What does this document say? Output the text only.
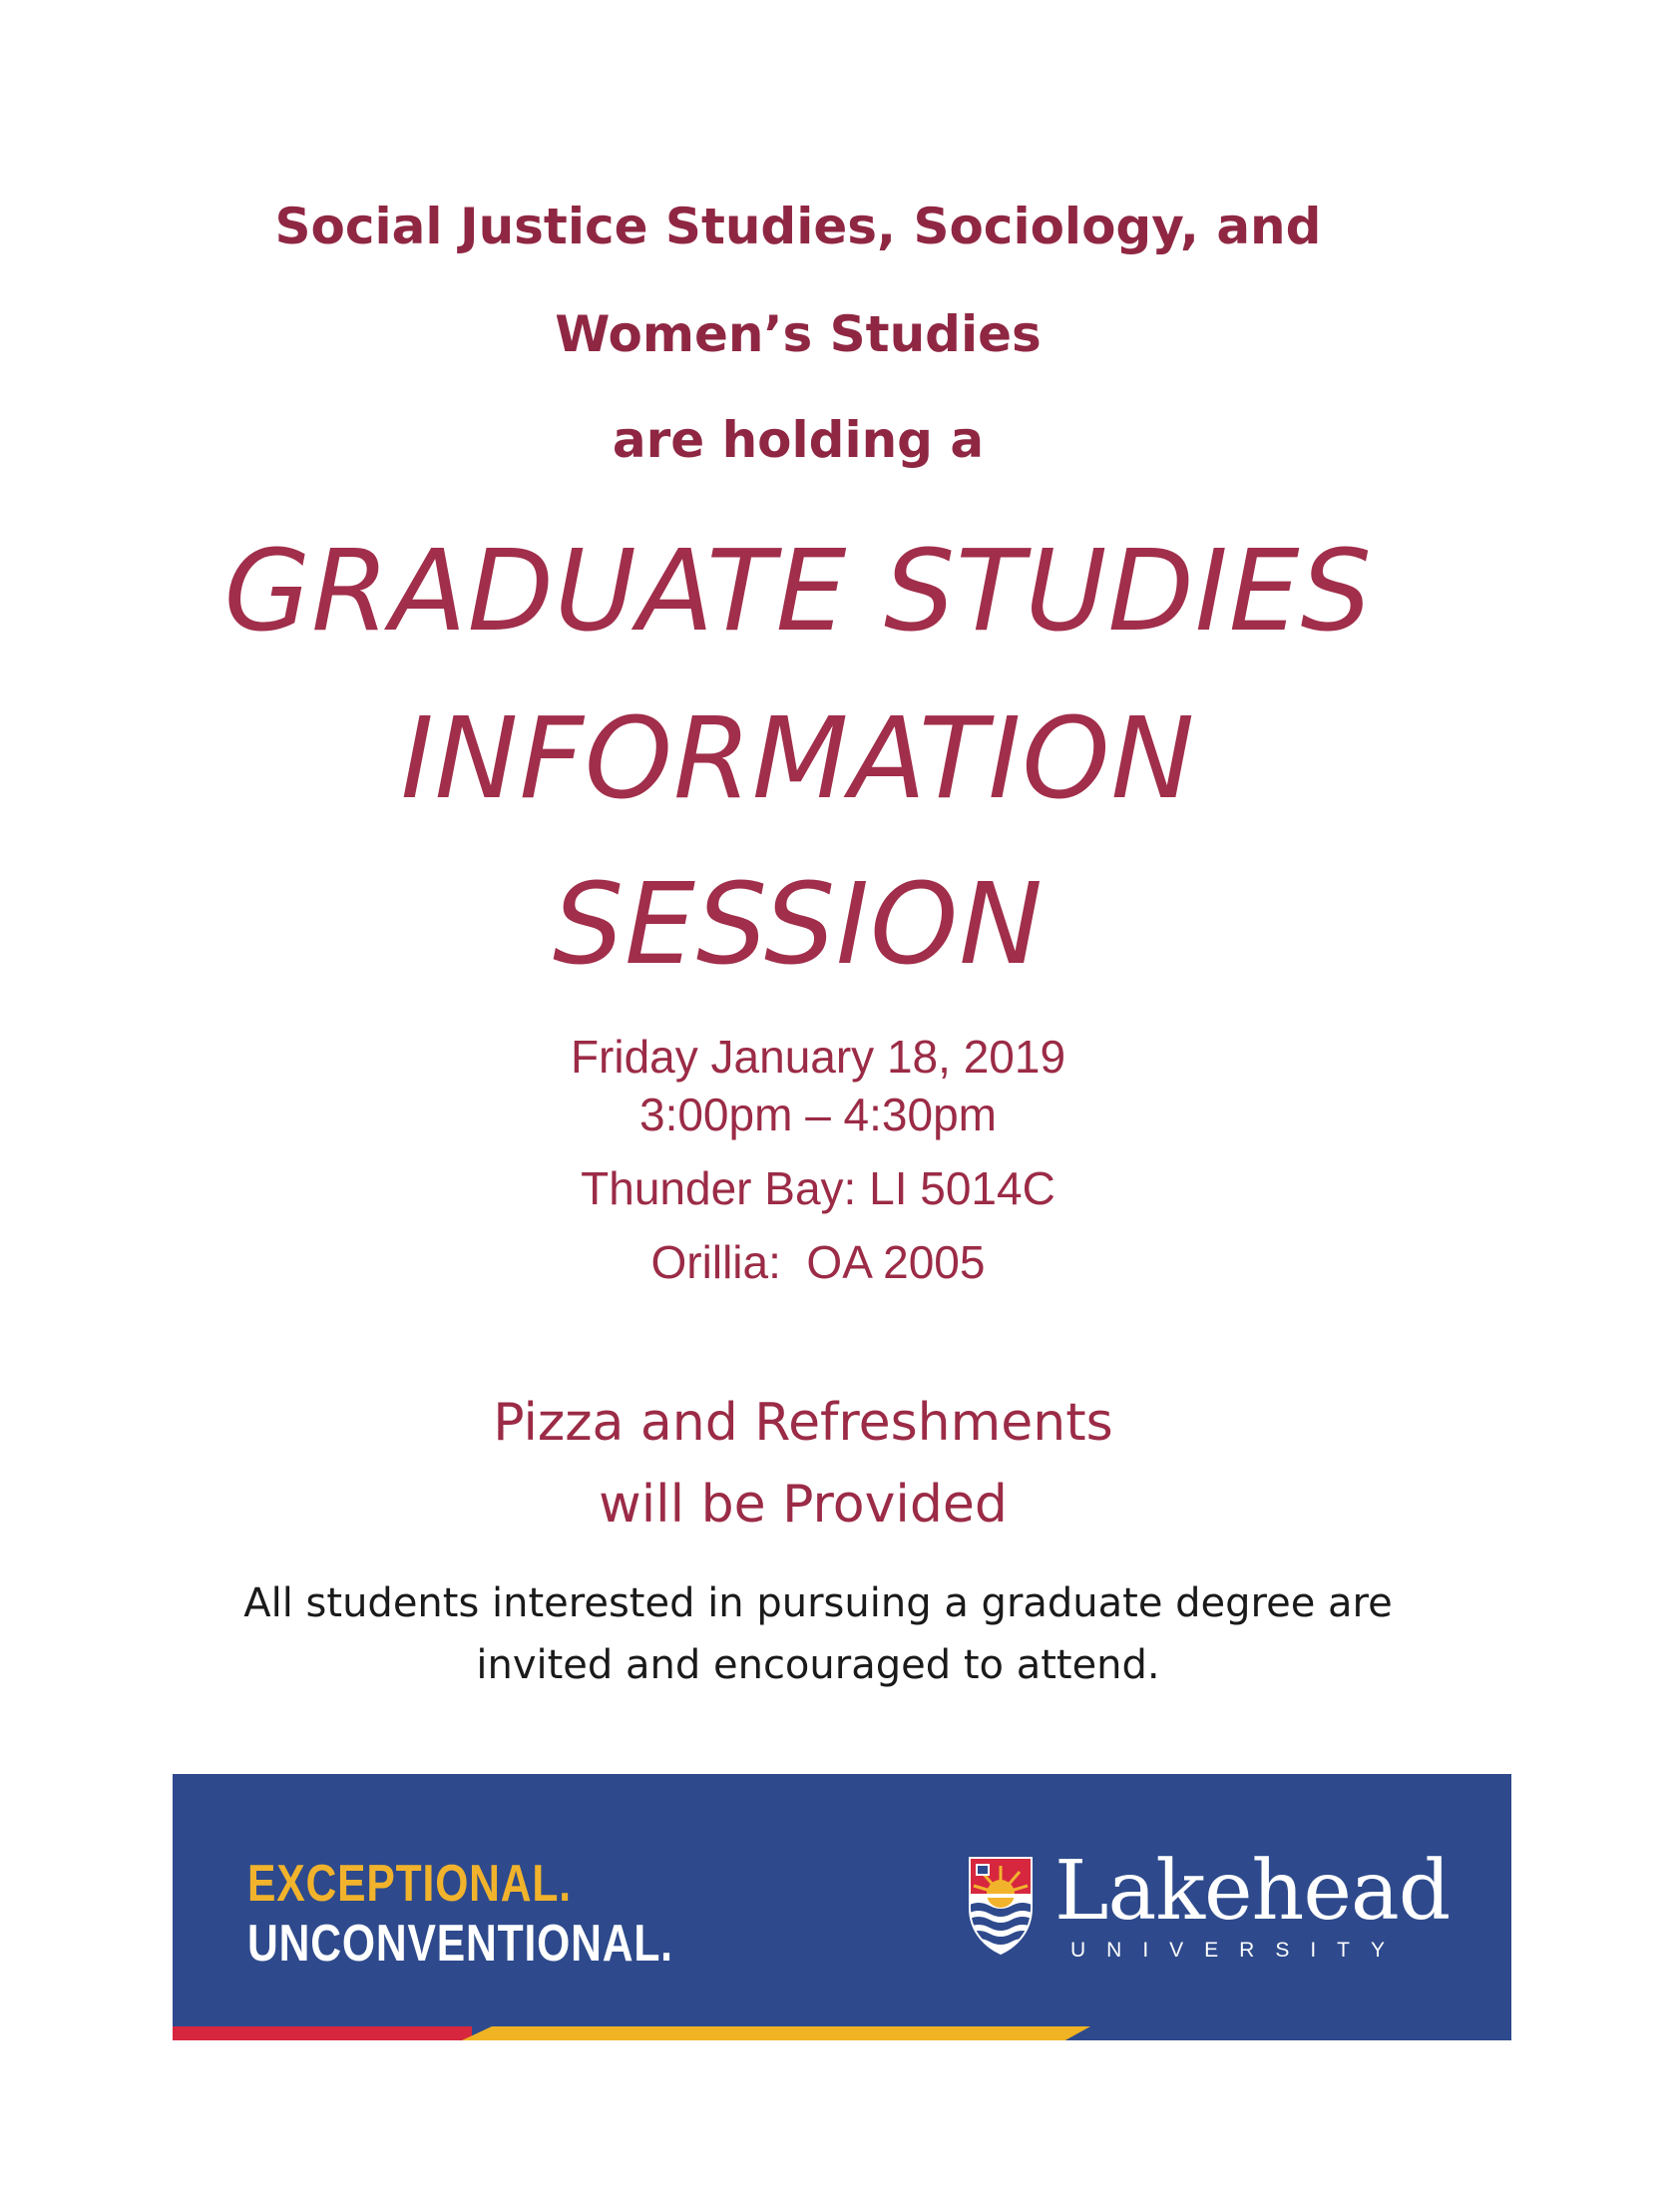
Social Justice Studies, Sociology, and
Women’s Studies
are holding a
GRADUATE STUDIES
INFORMATION
SESSION
Friday January 18, 2019
3:00pm – 4:30pm
Thunder Bay: LI 5014C
Orillia:  OA 2005
Pizza and Refreshments
will be Provided
All students interested in pursuing a graduate degree are
invited and encouraged to attend.
EXCEPTIONAL.
UNCONVENTIONAL.
Lakehead
UNIVERSITY
